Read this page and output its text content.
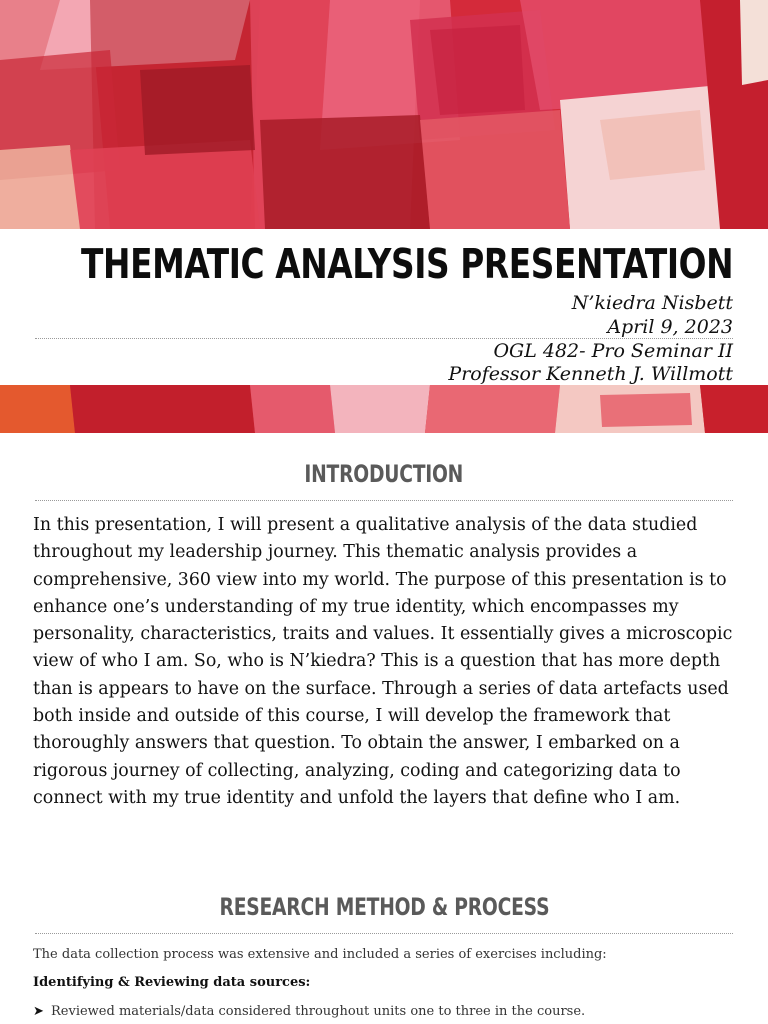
THEMATIC ANALYSIS PRESENTATION
N’kiedra Nisbett
April 9, 2023
OGL 482- Pro Seminar II
Professor Kenneth J. Willmott
INTRODUCTION

In this presentation, I will present a qualitative analysis of the data studied throughout my leadership journey. This thematic analysis provides a comprehensive, 360 view into my world. The purpose of this presentation is to enhance one’s understanding of my true identity, which encompasses my personality, characteristics, traits and values. It essentially gives a microscopic view of who I am. So, who is N’kiedra? This is a question that has more depth than is appears to have on the surface. Through a series of data artefacts used both inside and outside of this course, I will develop the framework that thoroughly answers that question. To obtain the answer, I embarked on a rigorous journey of collecting, analyzing, coding and categorizing data to connect with my true identity and unfold the layers that define who I am.

RESEARCH METHOD & PROCESS
The data collection process was extensive and included a series of exercises including:
Identifying & Reviewing data sources:
➤ Reviewed materials/data considered throughout units one to three in the course.
